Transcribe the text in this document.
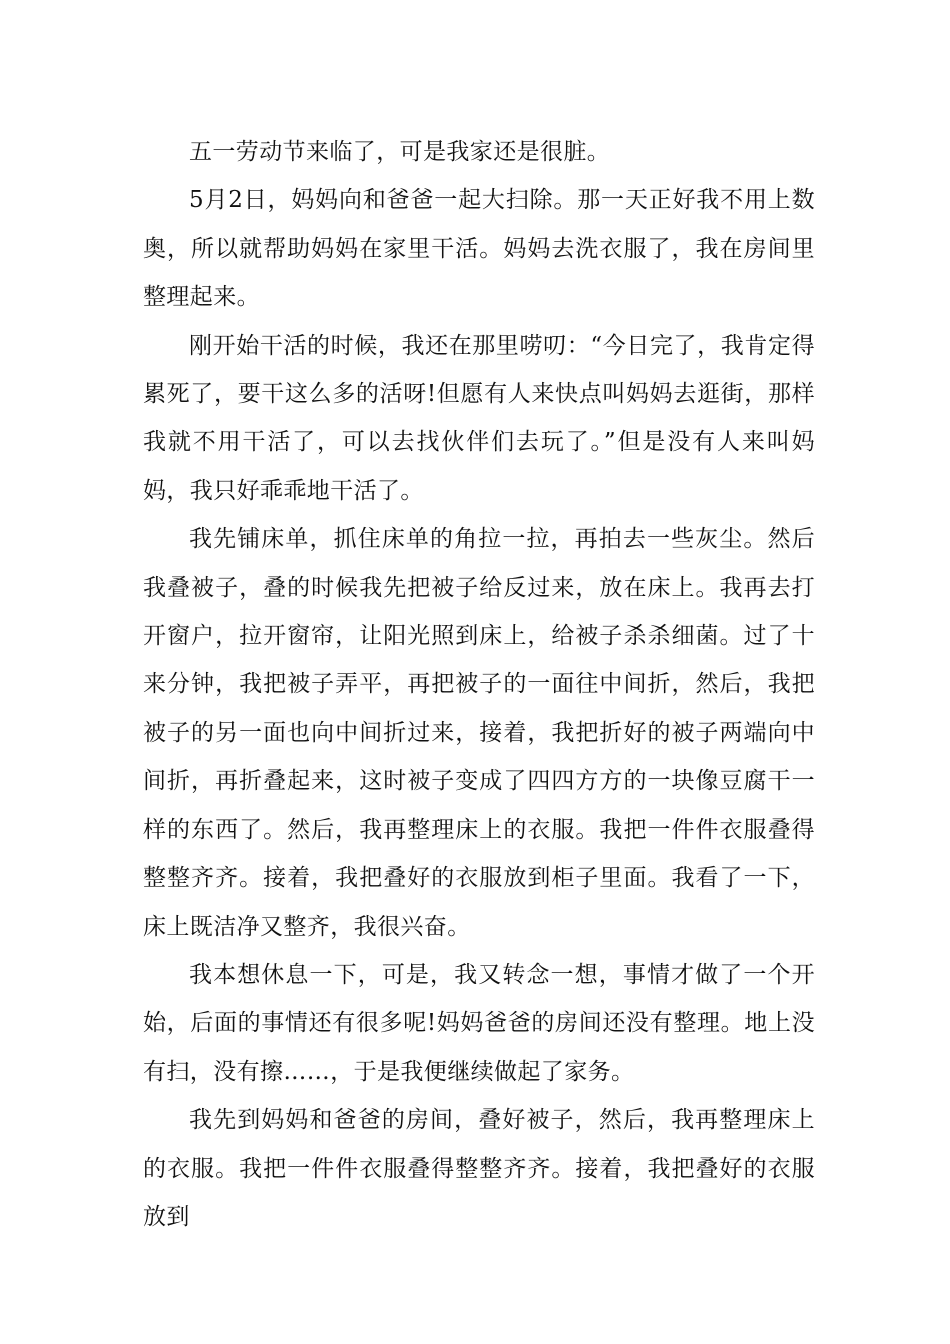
五一劳动节来临了，可是我家还是很脏。

5月2日，妈妈向和爸爸一起大扫除。那一天正好我不用上数奥，所以就帮助妈妈在家里干活。妈妈去洗衣服了，我在房间里整理起来。

刚开始干活的时候，我还在那里唠叨：“今日完了，我肯定得累死了，要干这么多的活呀!但愿有人来快点叫妈妈去逛街，那样我就不用干活了，可以去找伙伴们去玩了。”但是没有人来叫妈妈，我只好乖乖地干活了。

我先铺床单，抓住床单的角拉一拉，再拍去一些灰尘。然后我叠被子，叠的时候我先把被子给反过来，放在床上。我再去打开窗户，拉开窗帘，让阳光照到床上，给被子杀杀细菌。过了十来分钟，我把被子弄平，再把被子的一面往中间折，然后，我把被子的另一面也向中间折过来，接着，我把折好的被子两端向中间折，再折叠起来，这时被子变成了四四方方的一块像豆腐干一样的东西了。然后，我再整理床上的衣服。我把一件件衣服叠得整整齐齐。接着，我把叠好的衣服放到柜子里面。我看了一下，床上既洁净又整齐，我很兴奋。

我本想休息一下，可是，我又转念一想，事情才做了一个开始，后面的事情还有很多呢!妈妈爸爸的房间还没有整理。地上没有扫，没有擦……，于是我便继续做起了家务。

我先到妈妈和爸爸的房间，叠好被子，然后，我再整理床上的衣服。我把一件件衣服叠得整整齐齐。接着，我把叠好的衣服放到
